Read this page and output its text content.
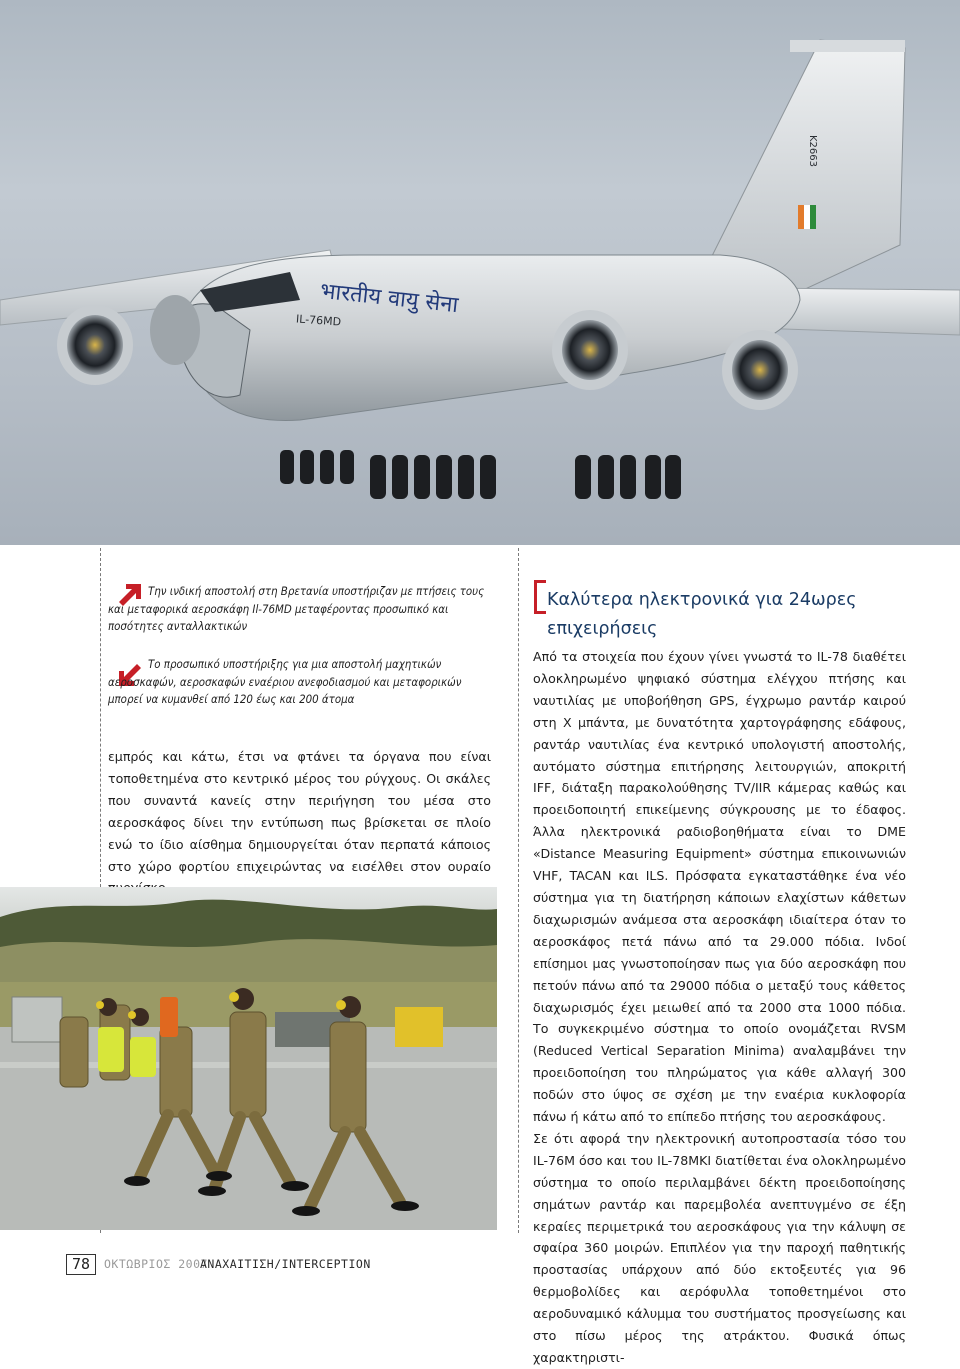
भारतीय वायु सेना
IL-76MD
K2663
Την ινδική αποστολή στη Βρετανία υποστήριζαν με πτήσεις τους και μεταφορικά αεροσκάφη Il-76MD μεταφέροντας προσωπικό και ποσότητες ανταλλακτικών
Το προσωπικό υποστήριξης για μια αποστολή μαχητικών αεροσκαφών, αεροσκαφών εναέριου ανεφοδιασμού και μεταφορικών μπορεί να κυμανθεί από 120 έως και 200 άτομα
εμπρός και κάτω, έτσι να φτάνει τα όργανα που είναι τοποθετημένα στο κεντρικό μέρος του ρύγχους. Οι σκάλες που συναντά κανείς στην περιήγηση του μέσα στο αεροσκάφος δίνει την εντύπωση πως βρίσκεται σε πλοίο ενώ το ίδιο αίσθημα δημιουργείται όταν περπατά κάποιος στο χώρο φορτίου επιχειρώντας να εισέλθει στον ουραίο
Καλύτερα ηλεκτρονικά για 24ωρες επιχειρήσεις

Από τα στοιχεία που έχουν γίνει γνωστά το IL-78 διαθέτει ολοκληρωμένο ψηφιακό σύστημα ελέγχου πτήσης και ναυτιλίας με υποβοήθηση GPS, έγχρωμο ραντάρ καιρού στη X μπάντα, με δυνατότητα χαρτογράφησης εδάφους, ραντάρ ναυτιλίας ένα κεντρικό υπολογιστή αποστολής, αυτόματο σύστημα επιτήρησης λειτουργιών, αποκριτή IFF, διάταξη παρακολούθησης TV/IIR κάμερας καθώς και προειδοποιητή επικείμενης σύγκρουσης με το έδαφος. Άλλα ηλεκτρονικά ραδιοβοηθήματα είναι το DME «Distance Measuring Equipment» σύστημα επικοινωνιών VHF, TACAN και ILS. Πρόσφατα εγκαταστάθηκε ένα νέο σύστημα για τη διατήρηση κάποιων ελαχίστων κάθετων διαχωρισμών ανάμεσα στα αεροσκάφη ιδιαίτερα όταν το αεροσκάφος πετά πάνω από τα 29.000 πόδια. Ινδοί επίσημοι μας γνωστοποίησαν πως για δύο αεροσκάφη που πετούν πάνω από τα 29000 πόδια ο μεταξύ τους κάθετος διαχωρισμός έχει μειωθεί από τα 2000 στα 1000 πόδια. Το συγκεκριμένο σύστημα το οποίο ονομάζεται RVSM (Reduced Vertical Separation Minima) αναλαμβάνει την προειδοποίηση του πληρώματος για κάθε αλλαγή 300 ποδών στο ύψος σε σχέση με την εναέρια κυκλοφορία πάνω ή κάτω από το επίπεδο πτήσης του αεροσκάφους.

Σε ότι αφορά την ηλεκτρονική αυτοπροστασία τόσο του IL-76M όσο και του IL-78MKI διατίθεται ένα ολοκληρωμένο σύστημα το οποίο περιλαμβάνει δέκτη προειδοποίησης σημάτων ραντάρ και παρεμβολέα ανεπτυγμένο σε έξη κεραίες περιμετρικά του αεροσκάφους για την κάλυψη σε σφαίρα 360 μοιρών. Επιπλέον για την παροχή παθητικής προστασίας υπάρχουν από δύο εκτοξευτές για 96 θερμοβολίδες και αερόφυλλα τοποθετημένοι στο αεροδυναμικό κάλυμμα του συστήματος προσγείωσης και στο πίσω μέρος της ατράκτου. Φυσικά όπως χαρακτηριστι-

78	ΟΚΤΩΒΡΙΟΣ 2007
ΑΝΑΧΑΙΤΙΣΗ/INTERCEPTION
